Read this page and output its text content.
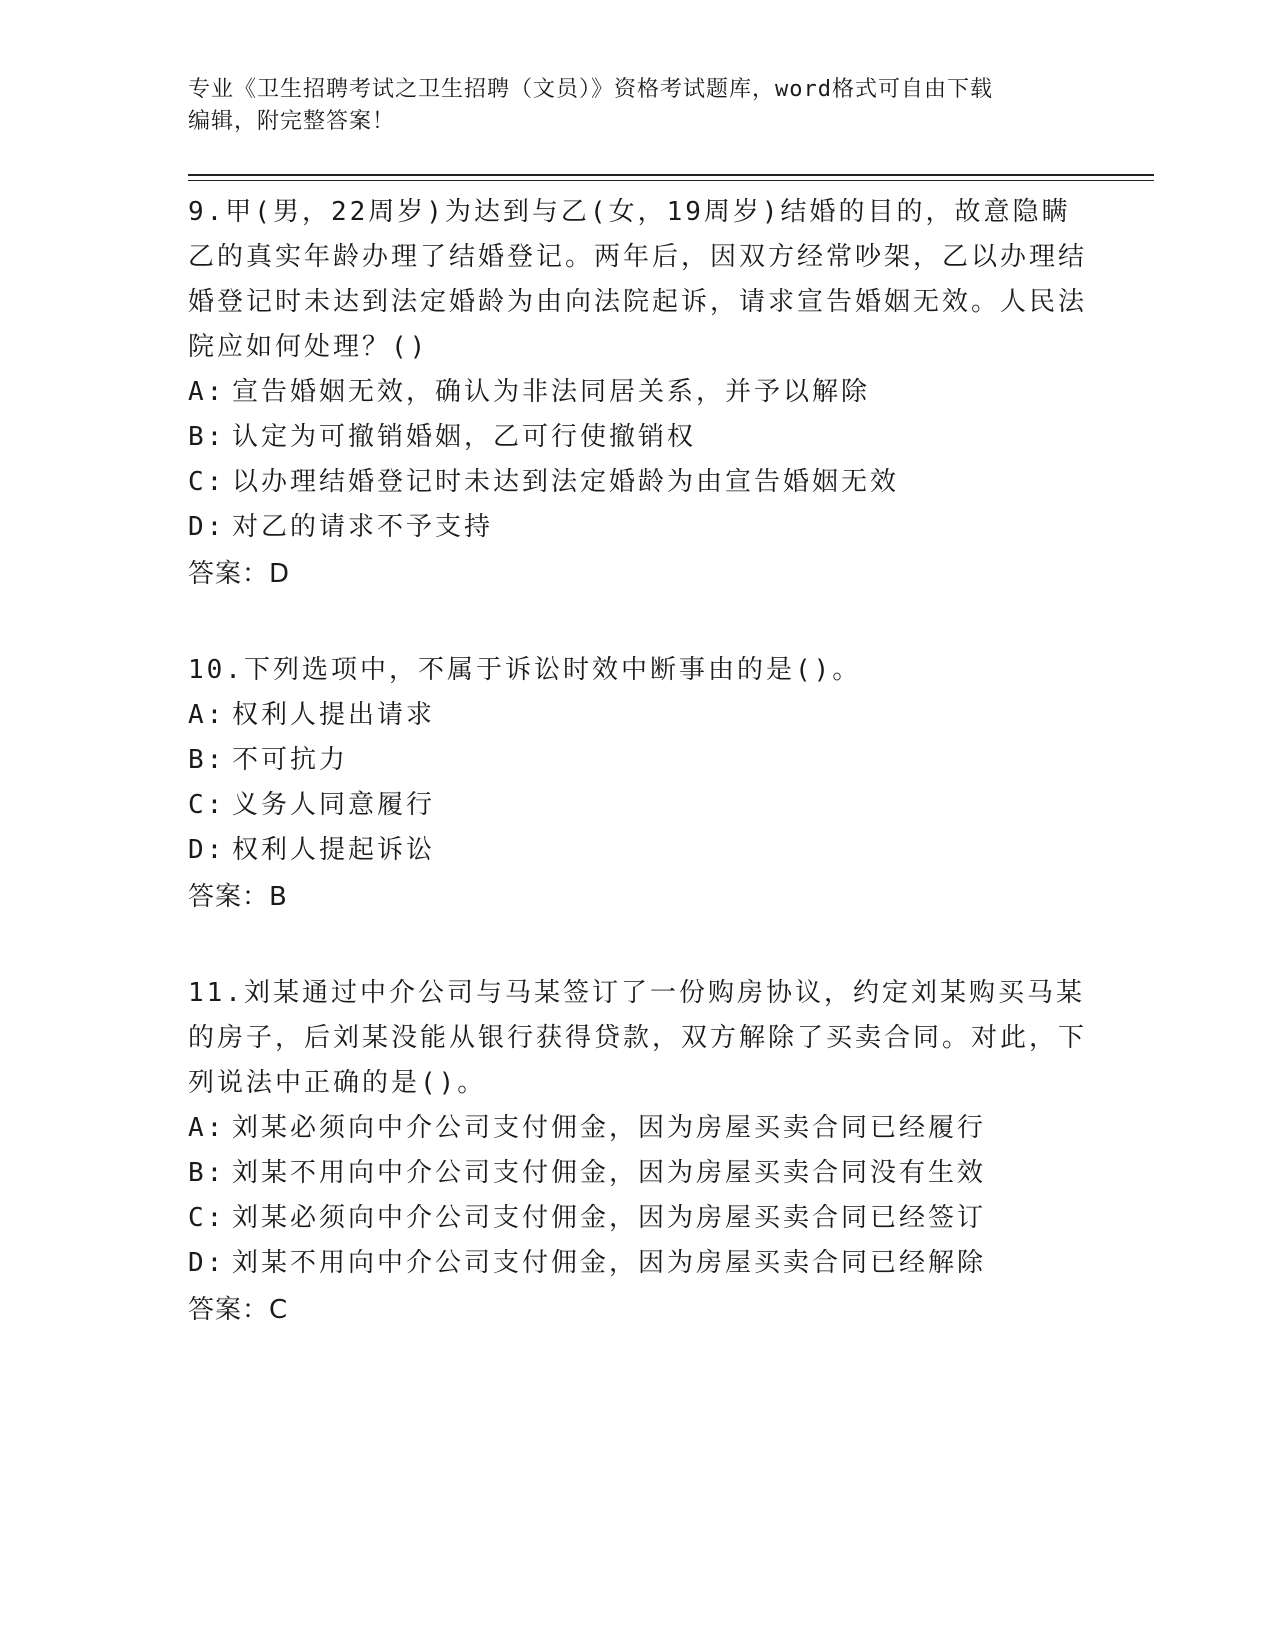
专业《卫生招聘考试之卫生招聘（文员）》资格考试题库，word格式可自由下载
编辑，附完整答案！
9.甲(男，22周岁)为达到与乙(女，19周岁)结婚的目的，故意隐瞒乙的真实年龄办理了结婚登记。两年后，因双方经常吵架，乙以办理结婚登记时未达到法定婚龄为由向法院起诉，请求宣告婚姻无效。人民法院应如何处理？()
A: 宣告婚姻无效，确认为非法同居关系，并予以解除
B: 认定为可撤销婚姻，乙可行使撤销权
C: 以办理结婚登记时未达到法定婚龄为由宣告婚姻无效
D: 对乙的请求不予支持
答案：D
10.下列选项中，不属于诉讼时效中断事由的是()。
A: 权利人提出请求
B: 不可抗力
C: 义务人同意履行
D: 权利人提起诉讼
答案：B
11.刘某通过中介公司与马某签订了一份购房协议，约定刘某购买马某的房子，后刘某没能从银行获得贷款，双方解除了买卖合同。对此，下列说法中正确的是()。
A: 刘某必须向中介公司支付佣金，因为房屋买卖合同已经履行
B: 刘某不用向中介公司支付佣金，因为房屋买卖合同没有生效
C: 刘某必须向中介公司支付佣金，因为房屋买卖合同已经签订
D: 刘某不用向中介公司支付佣金，因为房屋买卖合同已经解除
答案：C
